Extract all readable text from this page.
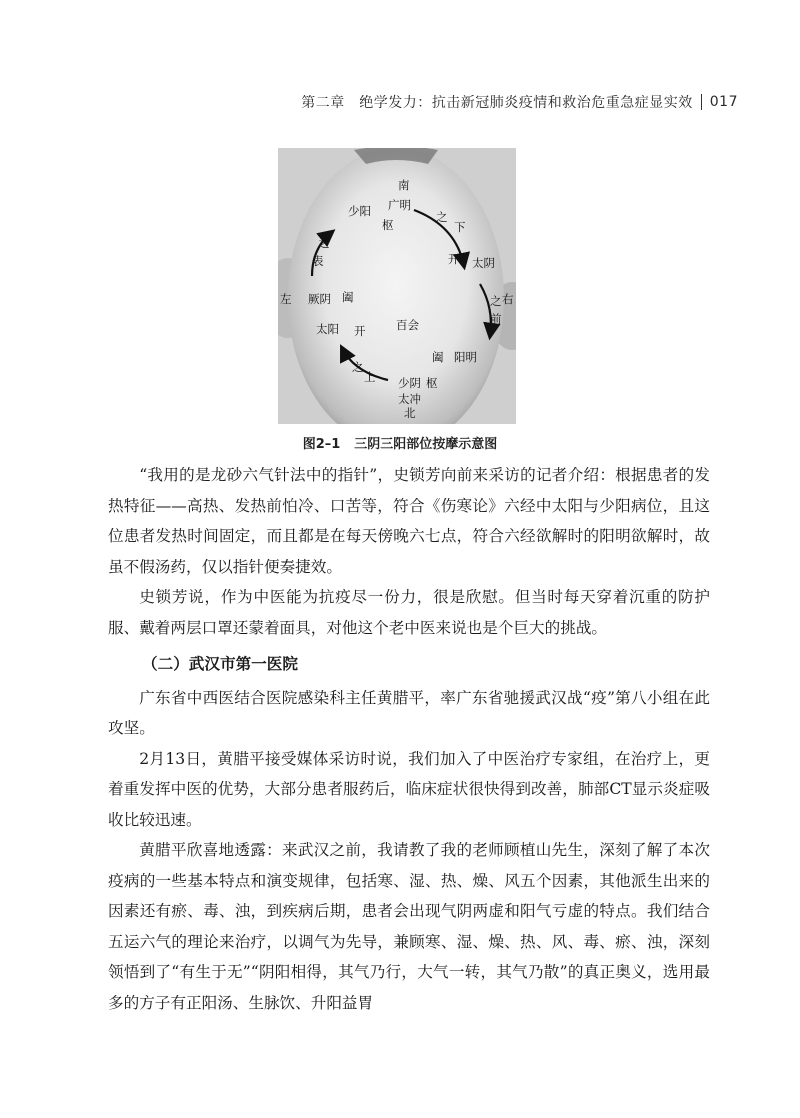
第二章　绝学发力：抗击新冠肺炎疫情和救治危重急症显实效 017
南
广明
少阳
枢
之
下
之
表	开 太阴
左	右
厥阴 阖	之
前
百会
太阳 开
阖 阳明
之
上 少阴 枢
太冲
北
图2–1 三阴三阳部位按摩示意图

“我用的是龙砂六气针法中的指针”，史锁芳向前来采访的记者介绍：根据患者的发热特征——高热、发热前怕冷、口苦等，符合《伤寒论》六经中太阳与少阳病位，且这位患者发热时间固定，而且都是在每天傍晚六七点，符合六经欲解时的阳明欲解时，故虽不假汤药，仅以指针便奏捷效。

史锁芳说，作为中医能为抗疫尽一份力，很是欣慰。但当时每天穿着沉重的防护服、戴着两层口罩还蒙着面具，对他这个老中医来说也是个巨大的挑战。

（二）武汉市第一医院

广东省中西医结合医院感染科主任黄腊平，率广东省驰援武汉战“疫”第八小组在此攻坚。

2月13日，黄腊平接受媒体采访时说，我们加入了中医治疗专家组，在治疗上，更着重发挥中医的优势，大部分患者服药后，临床症状很快得到改善，肺部CT显示炎症吸收比较迅速。

黄腊平欣喜地透露：来武汉之前，我请教了我的老师顾植山先生，深刻了解了本次疫病的一些基本特点和演变规律，包括寒、湿、热、燥、风五个因素，其他派生出来的因素还有瘀、毒、浊，到疾病后期，患者会出现气阴两虚和阳气亏虚的特点。我们结合五运六气的理论来治疗，以调气为先导，兼顾寒、湿、燥、热、风、毒、瘀、浊，深刻领悟到了“有生于无”“阴阳相得，其气乃行，大气一转，其气乃散”的真正奥义，选用最多的方子有正阳汤、生脉饮、升阳益胃
